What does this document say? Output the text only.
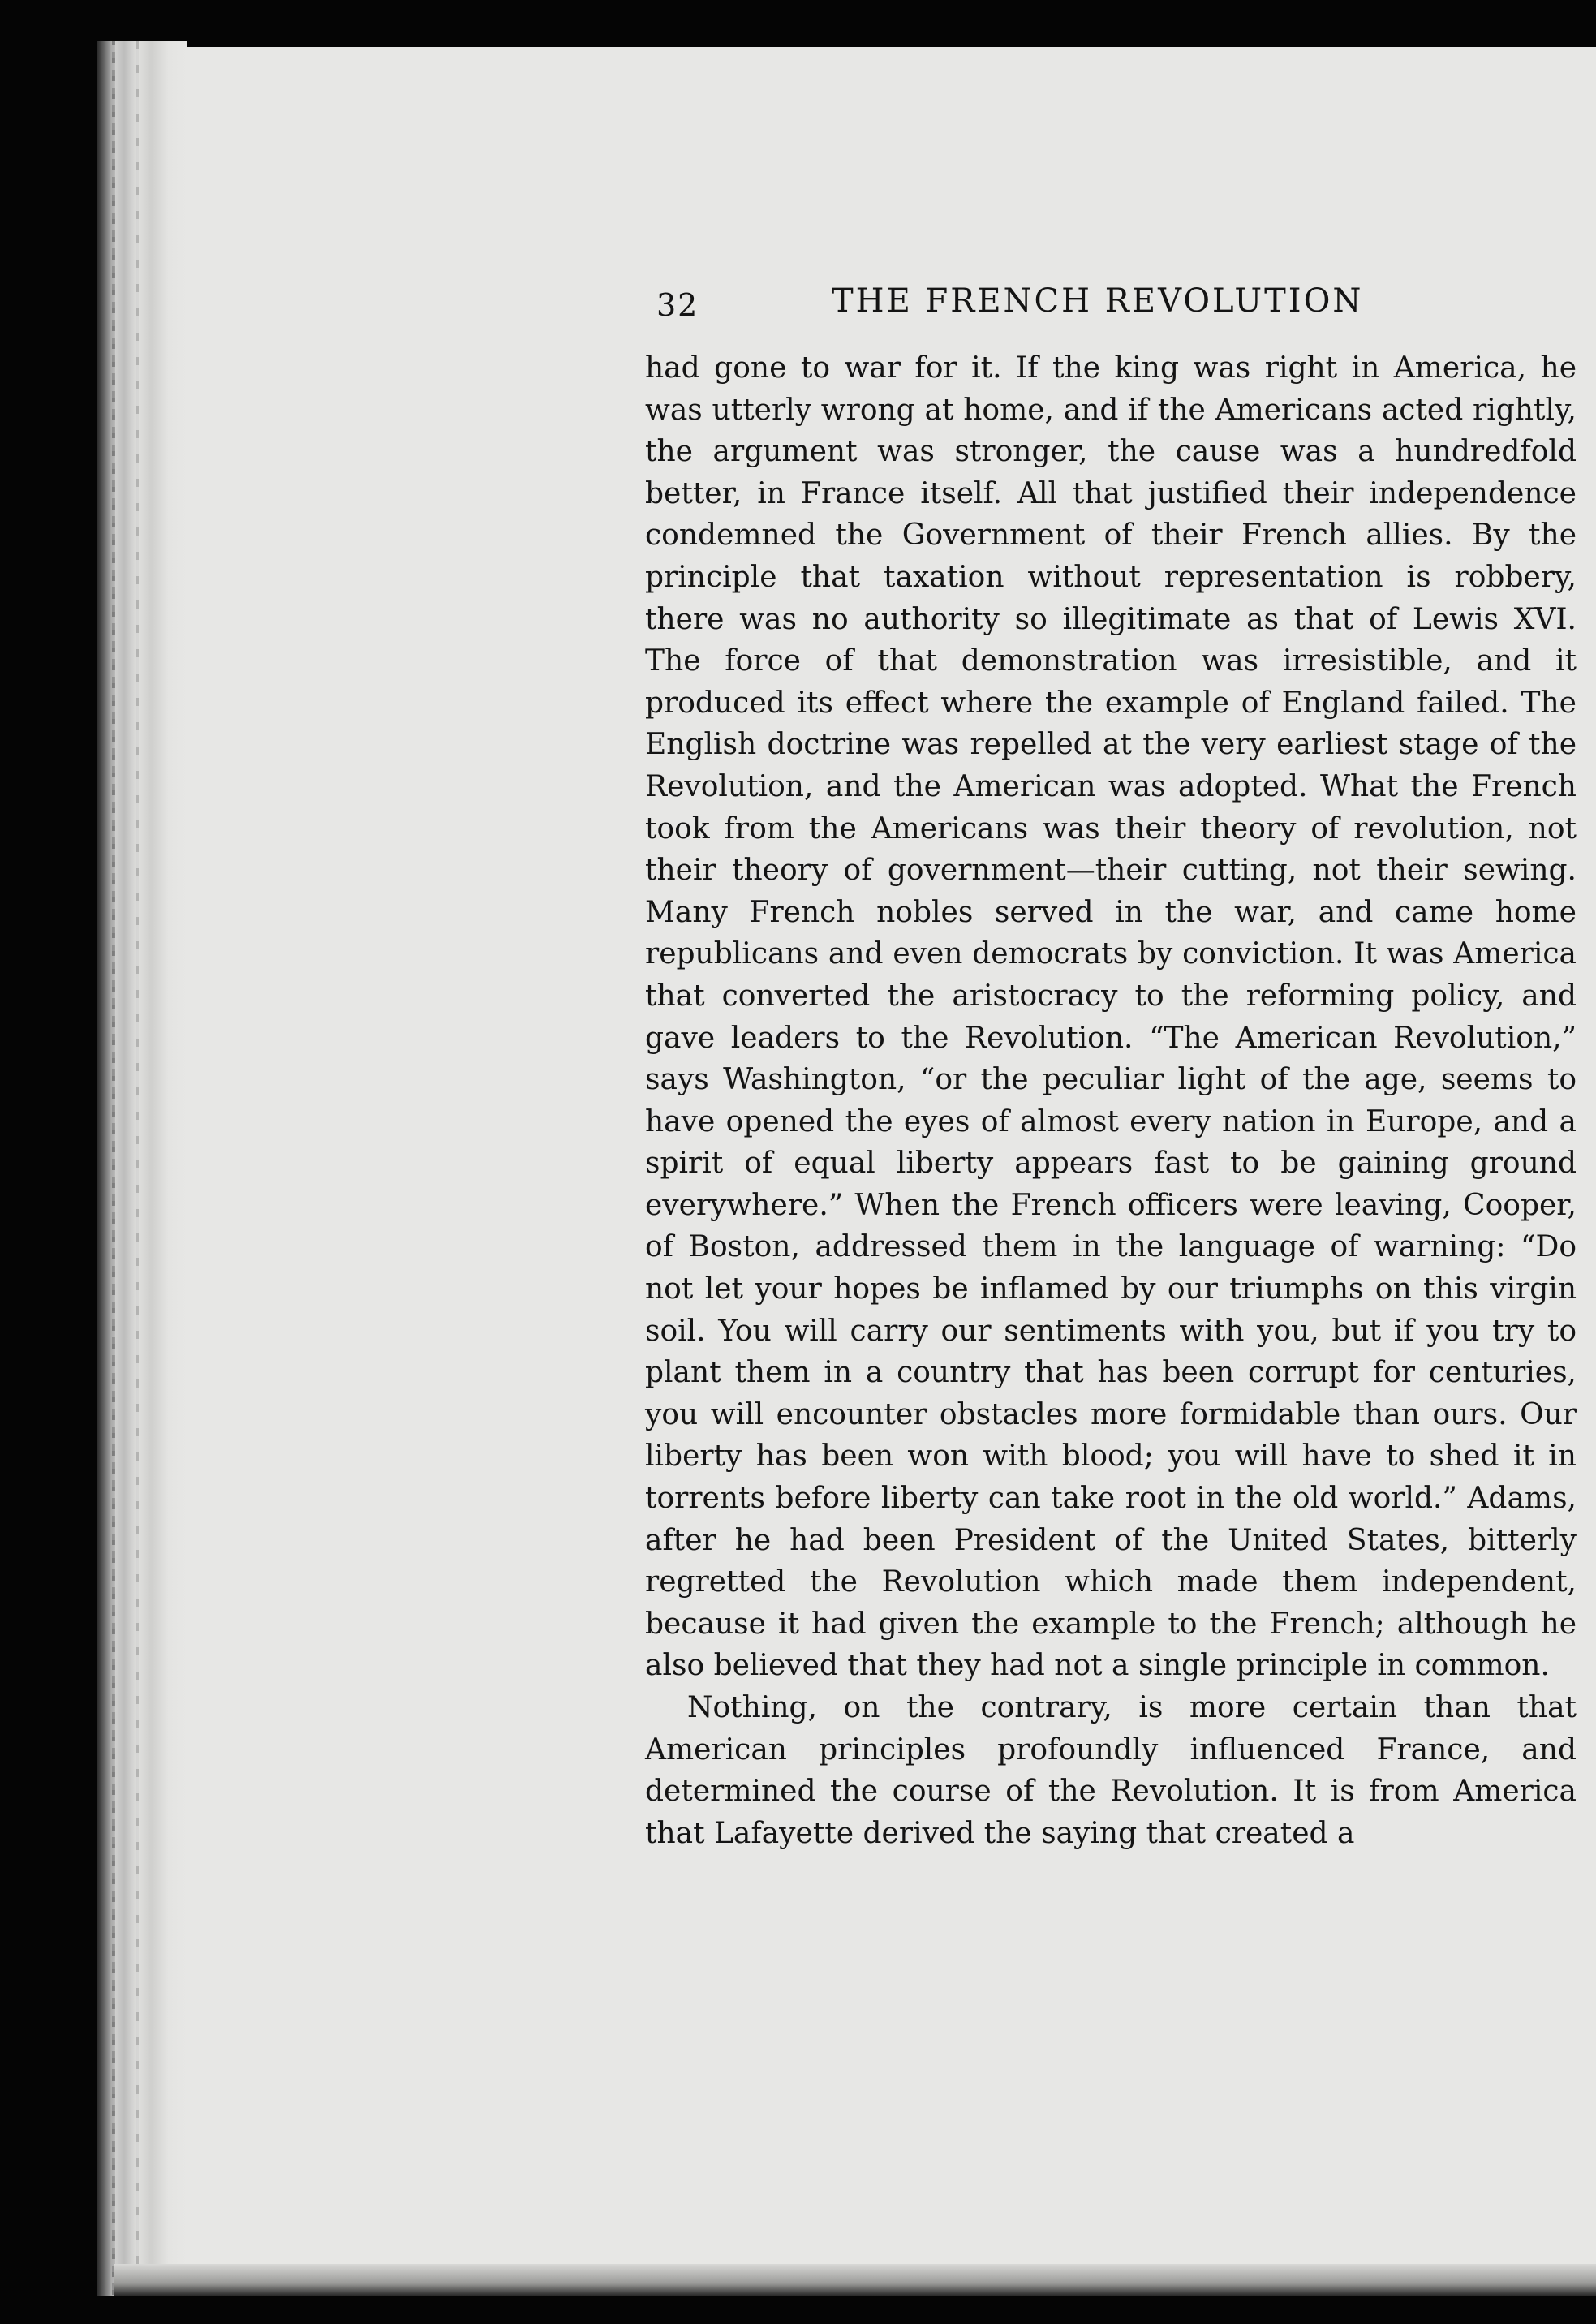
32	THE FRENCH REVOLUTION

had gone to war for it. If the king was right in America, he was utterly wrong at home, and if the Americans acted rightly, the argument was stronger, the cause was a hundredfold better, in France itself. All that justified their independence condemned the Government of their French allies. By the principle that taxation without representation is robbery, there was no authority so illegitimate as that of Lewis XVI. The force of that demonstration was irresistible, and it produced its effect where the example of England failed. The English doctrine was repelled at the very earliest stage of the Revolution, and the American was adopted. What the French took from the Americans was their theory of revolution, not their theory of government—their cutting, not their sewing. Many French nobles served in the war, and came home republicans and even democrats by conviction. It was America that converted the aristocracy to the reforming policy, and gave leaders to the Revolution. “The American Revolution,” says Washington, “or the peculiar light of the age, seems to have opened the eyes of almost every nation in Europe, and a spirit of equal liberty appears fast to be gaining ground everywhere.” When the French officers were leaving, Cooper, of Boston, addressed them in the language of warning: “Do not let your hopes be inflamed by our triumphs on this virgin soil. You will carry our sentiments with you, but if you try to plant them in a country that has been corrupt for centuries, you will encounter obstacles more formidable than ours. Our liberty has been won with blood; you will have to shed it in torrents before liberty can take root in the old world.” Adams, after he had been President of the United States, bitterly regretted the Revolution which made them independent, because it had given the example to the French; although he also believed that they had not a single principle in common.

Nothing, on the contrary, is more certain than that American principles profoundly influenced France, and determined the course of the Revolution. It is from America that Lafayette derived the saying that created a
